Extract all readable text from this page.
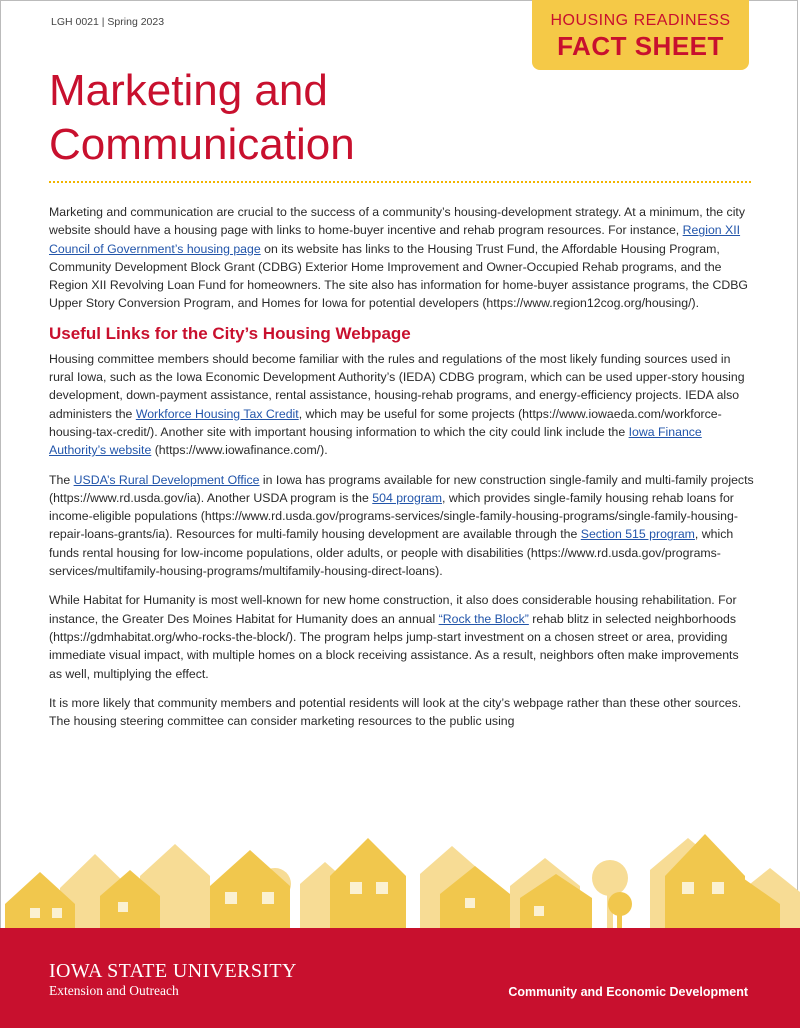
LGH 0021 | Spring 2023	HOUSING READINESS
FACT SHEET
Marketing and Communication

Marketing and communication are crucial to the success of a community’s housing-development strategy. At a minimum, the city website should have a housing page with links to home-buyer incentive and rehab program resources. For instance, Region XII Council of Government’s housing page on its website has links to the Housing Trust Fund, the Affordable Housing Program, Community Development Block Grant (CDBG) Exterior Home Improvement and Owner-Occupied Rehab programs, and the Region XII Revolving Loan Fund for homeowners. The site also has information for home-buyer assistance programs, the CDBG Upper Story Conversion Program, and Homes for Iowa for potential developers (https://www.region12cog.org/housing/).

Useful Links for the City’s Housing Webpage

Housing committee members should become familiar with the rules and regulations of the most likely funding sources used in rural Iowa, such as the Iowa Economic Development Authority’s (IEDA) CDBG program, which can be used upper-story housing development, down-payment assistance, rental assistance, housing-rehab programs, and energy-efficiency projects. IEDA also administers the Workforce Housing Tax Credit, which may be useful for some projects (https://www.iowaeda.com/workforce-housing-tax-credit/). Another site with important housing information to which the city could link include the Iowa Finance Authority’s website (https://www.iowafinance.com/).

The USDA’s Rural Development Office in Iowa has programs available for new construction single-family and multi-family projects (https://www.rd.usda.gov/ia). Another USDA program is the 504 program, which provides single-family housing rehab loans for income-eligible populations (https://www.rd.usda.gov/programs-services/single-family-housing-programs/single-family-housing-repair-loans-grants/ia). Resources for multi-family housing development are available through the Section 515 program, which funds rental housing for low-income populations, older adults, or people with disabilities (https://www.rd.usda.gov/programs-services/multifamily-housing-programs/multifamily-housing-direct-loans).

While Habitat for Humanity is most well-known for new home construction, it also does considerable housing rehabilitation. For instance, the Greater Des Moines Habitat for Humanity does an annual “Rock the Block” rehab blitz in selected neighborhoods (https://gdmhabitat.org/who-rocks-the-block/). The program helps jump-start investment on a chosen street or area, providing immediate visual impact, with multiple homes on a block receiving assistance. As a result, neighbors often make improvements as well, multiplying the effect.

It is more likely that community members and potential residents will look at the city’s webpage rather than these other sources. The housing steering committee can consider marketing resources to the public using

IOWA STATE UNIVERSITY
Extension and Outreach	Community and Economic Development
